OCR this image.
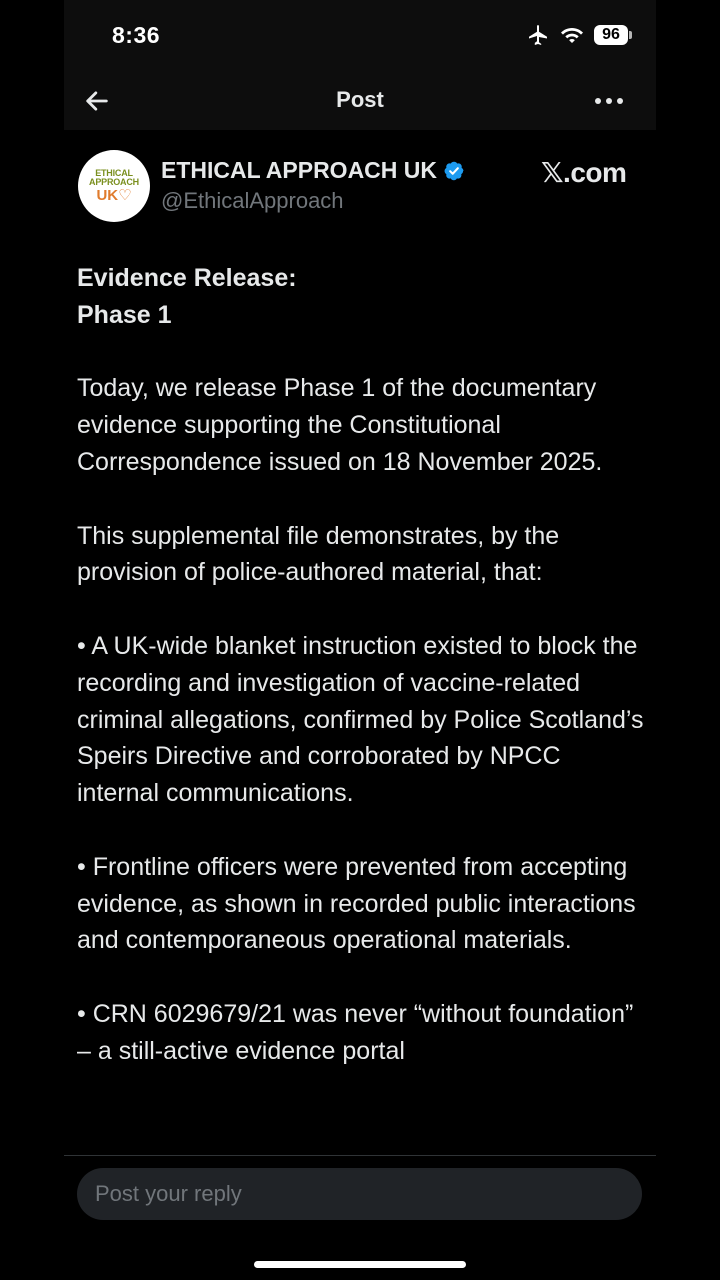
8:36	96
Post
ETHICAL
APPROACH
UK♡
ETHICAL APPROACH UK
@EthicalApproach
𝕏.com

Evidence Release:
Phase 1

Today, we release Phase 1 of the documentary evidence supporting the Constitutional Correspondence issued on 18 November 2025.

This supplemental file demonstrates, by the provision of police-authored material, that:

• A UK-wide blanket instruction existed to block the recording and investigation of vaccine-related criminal allegations, confirmed by Police Scotland’s Speirs Directive and corroborated by NPCC internal communications.

• Frontline officers were prevented from accepting evidence, as shown in recorded public interactions and contemporaneous operational materials.

• CRN 6029679/21 was never “without foundation” – a still-active evidence portal

Post your reply
